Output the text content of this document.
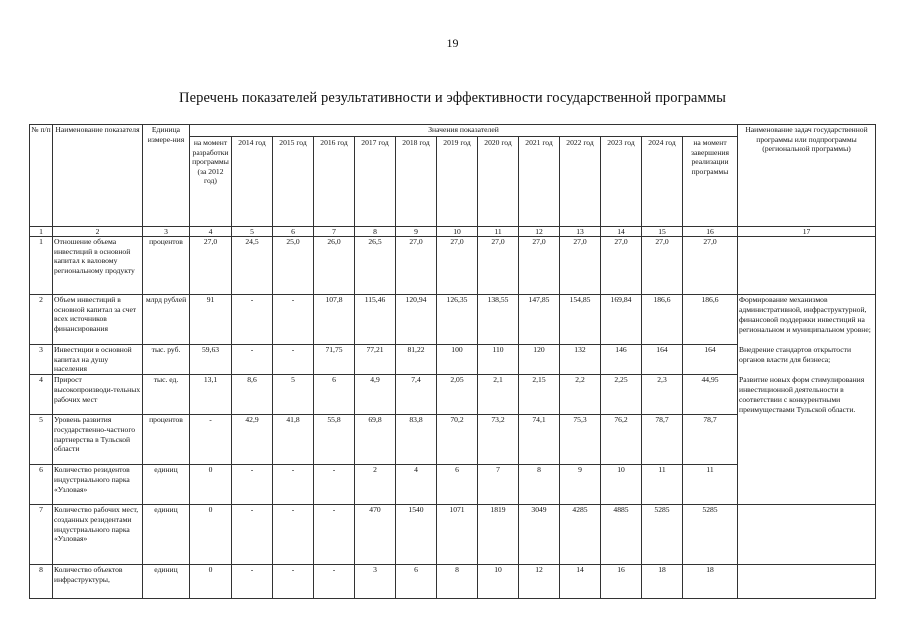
19
Перечень показателей результативности и эффективности государственной программы
№ п/п	Наименование показателя	Единица измере-ния	Значения показателей													Наименование задач государственной программы или подпрограммы (региональной программы)	
			на момент разработки программы (за 2012 год)	2014 год	2015 год	2016 год	2017 год	2018 год	2019 год	2020 год	2021 год	2022 год	2023 год	2024 год	на момент завершения реализации программы		
1	2	3	4	5	6	7	8	9	10	11	12	13	14	15	16	17	
1	Отношение объема инвестиций в основной капитал к валовому региональному продукту	процентов	27,0	24,5	25,0	26,0	26,5	27,0	27,0	27,0	27,0	27,0	27,0	27,0	27,0		
2	Объем инвестиций в основной капитал за счет всех источников финансирования	млрд рублей	91	-	-	107,8	115,46	120,94	126,35	138,55	147,85	154,85	169,84	186,6	186,6	Формирование механизмов административной, инфраструктурной, финансовой поддержки инвестиций на региональном и муниципальном уровне;

Внедрение стандартов открытости органов власти для бизнеса;

Развитие новых форм стимулирования инвестиционной деятельности в соответствии с конкурентными преимуществами Тульской области.	

3	Инвестиции в основной капитал на душу населения	тыс. руб.	59,63	-	-	71,75	77,21	81,22	100	110	120	132	146	164	164		
4	Прирост высокопроизводи-тельных рабочих мест	тыс. ед.	13,1	8,6	5	6	4,9	7,4	2,05	2,1	2,15	2,2	2,25	2,3	44,95		
5	Уровень развития государственно-частного партнерства в Тульской области	процентов	-	42,9	41,8	55,8	69,8	83,8	70,2	73,2	74,1	75,3	76,2	78,7	78,7		
6	Количество резидентов индустриального парка «Узловая»	единиц	0	-	-	-	2	4	6	7	8	9	10	11	11		
7	Количество рабочих мест, созданных резидентами индустриального парка «Узловая»	единиц	0	-	-	-	470	1540	1071	1819	3049	4285	4885	5285	5285		
8	Количество объектов инфраструктуры,	единиц	0	-	-	-	3	6	8	10	12	14	16	18	18		
